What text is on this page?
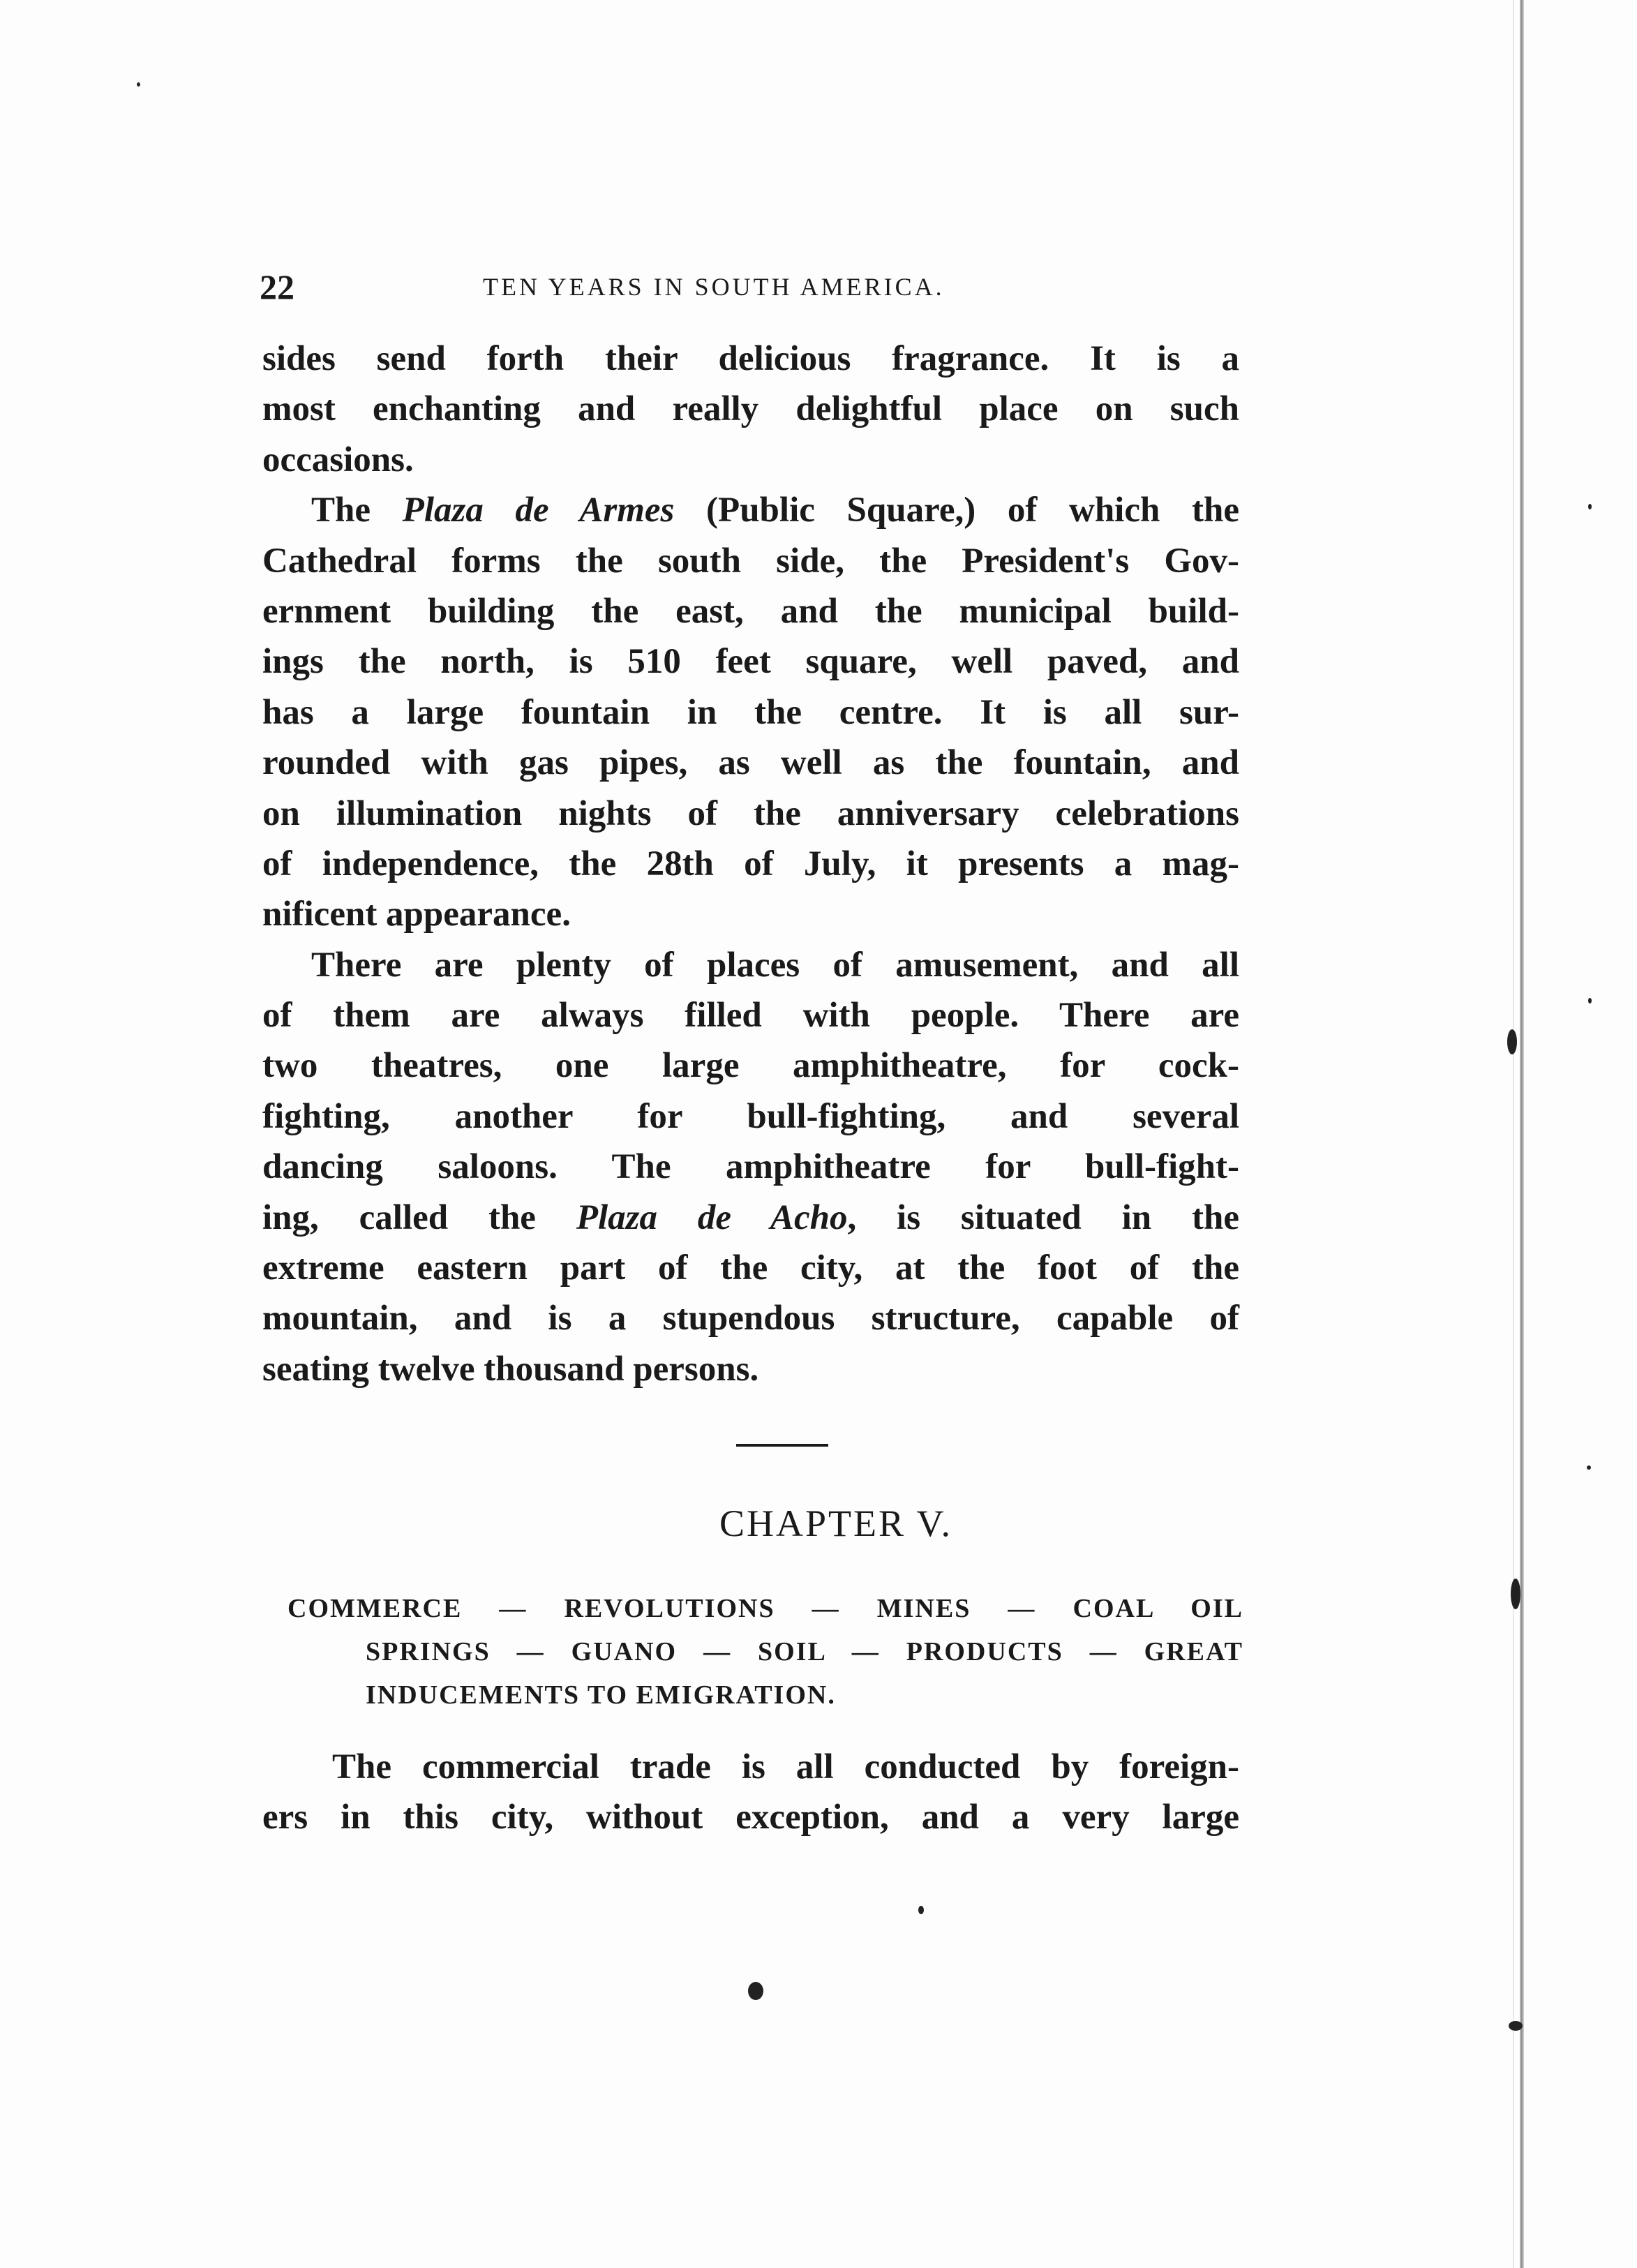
22	TEN YEARS IN SOUTH AMERICA.
sides send forth their delicious fragrance. It is a
most enchanting and really delightful place on such
occasions.
The Plaza de Armes (Public Square,) of which the
Cathedral forms the south side, the President's Gov-
ernment building the east, and the municipal build-
ings the north, is 510 feet square, well paved, and
has a large fountain in the centre. It is all sur-
rounded with gas pipes, as well as the fountain, and
on illumination nights of the anniversary celebrations
of independence, the 28th of July, it presents a mag-
nificent appearance.
There are plenty of places of amusement, and all
of them are always filled with people. There are
two theatres, one large amphitheatre, for cock-
fighting, another for bull-fighting, and several
dancing saloons. The amphitheatre for bull-fight-
ing, called the Plaza de Acho, is situated in the
extreme eastern part of the city, at the foot of the
mountain, and is a stupendous structure, capable of
seating twelve thousand persons.
CHAPTER V.
COMMERCE — REVOLUTIONS — MINES — COAL OIL
SPRINGS — GUANO — SOIL — PRODUCTS — GREAT
INDUCEMENTS TO EMIGRATION.
The commercial trade is all conducted by foreign-
ers in this city, without exception, and a very large
